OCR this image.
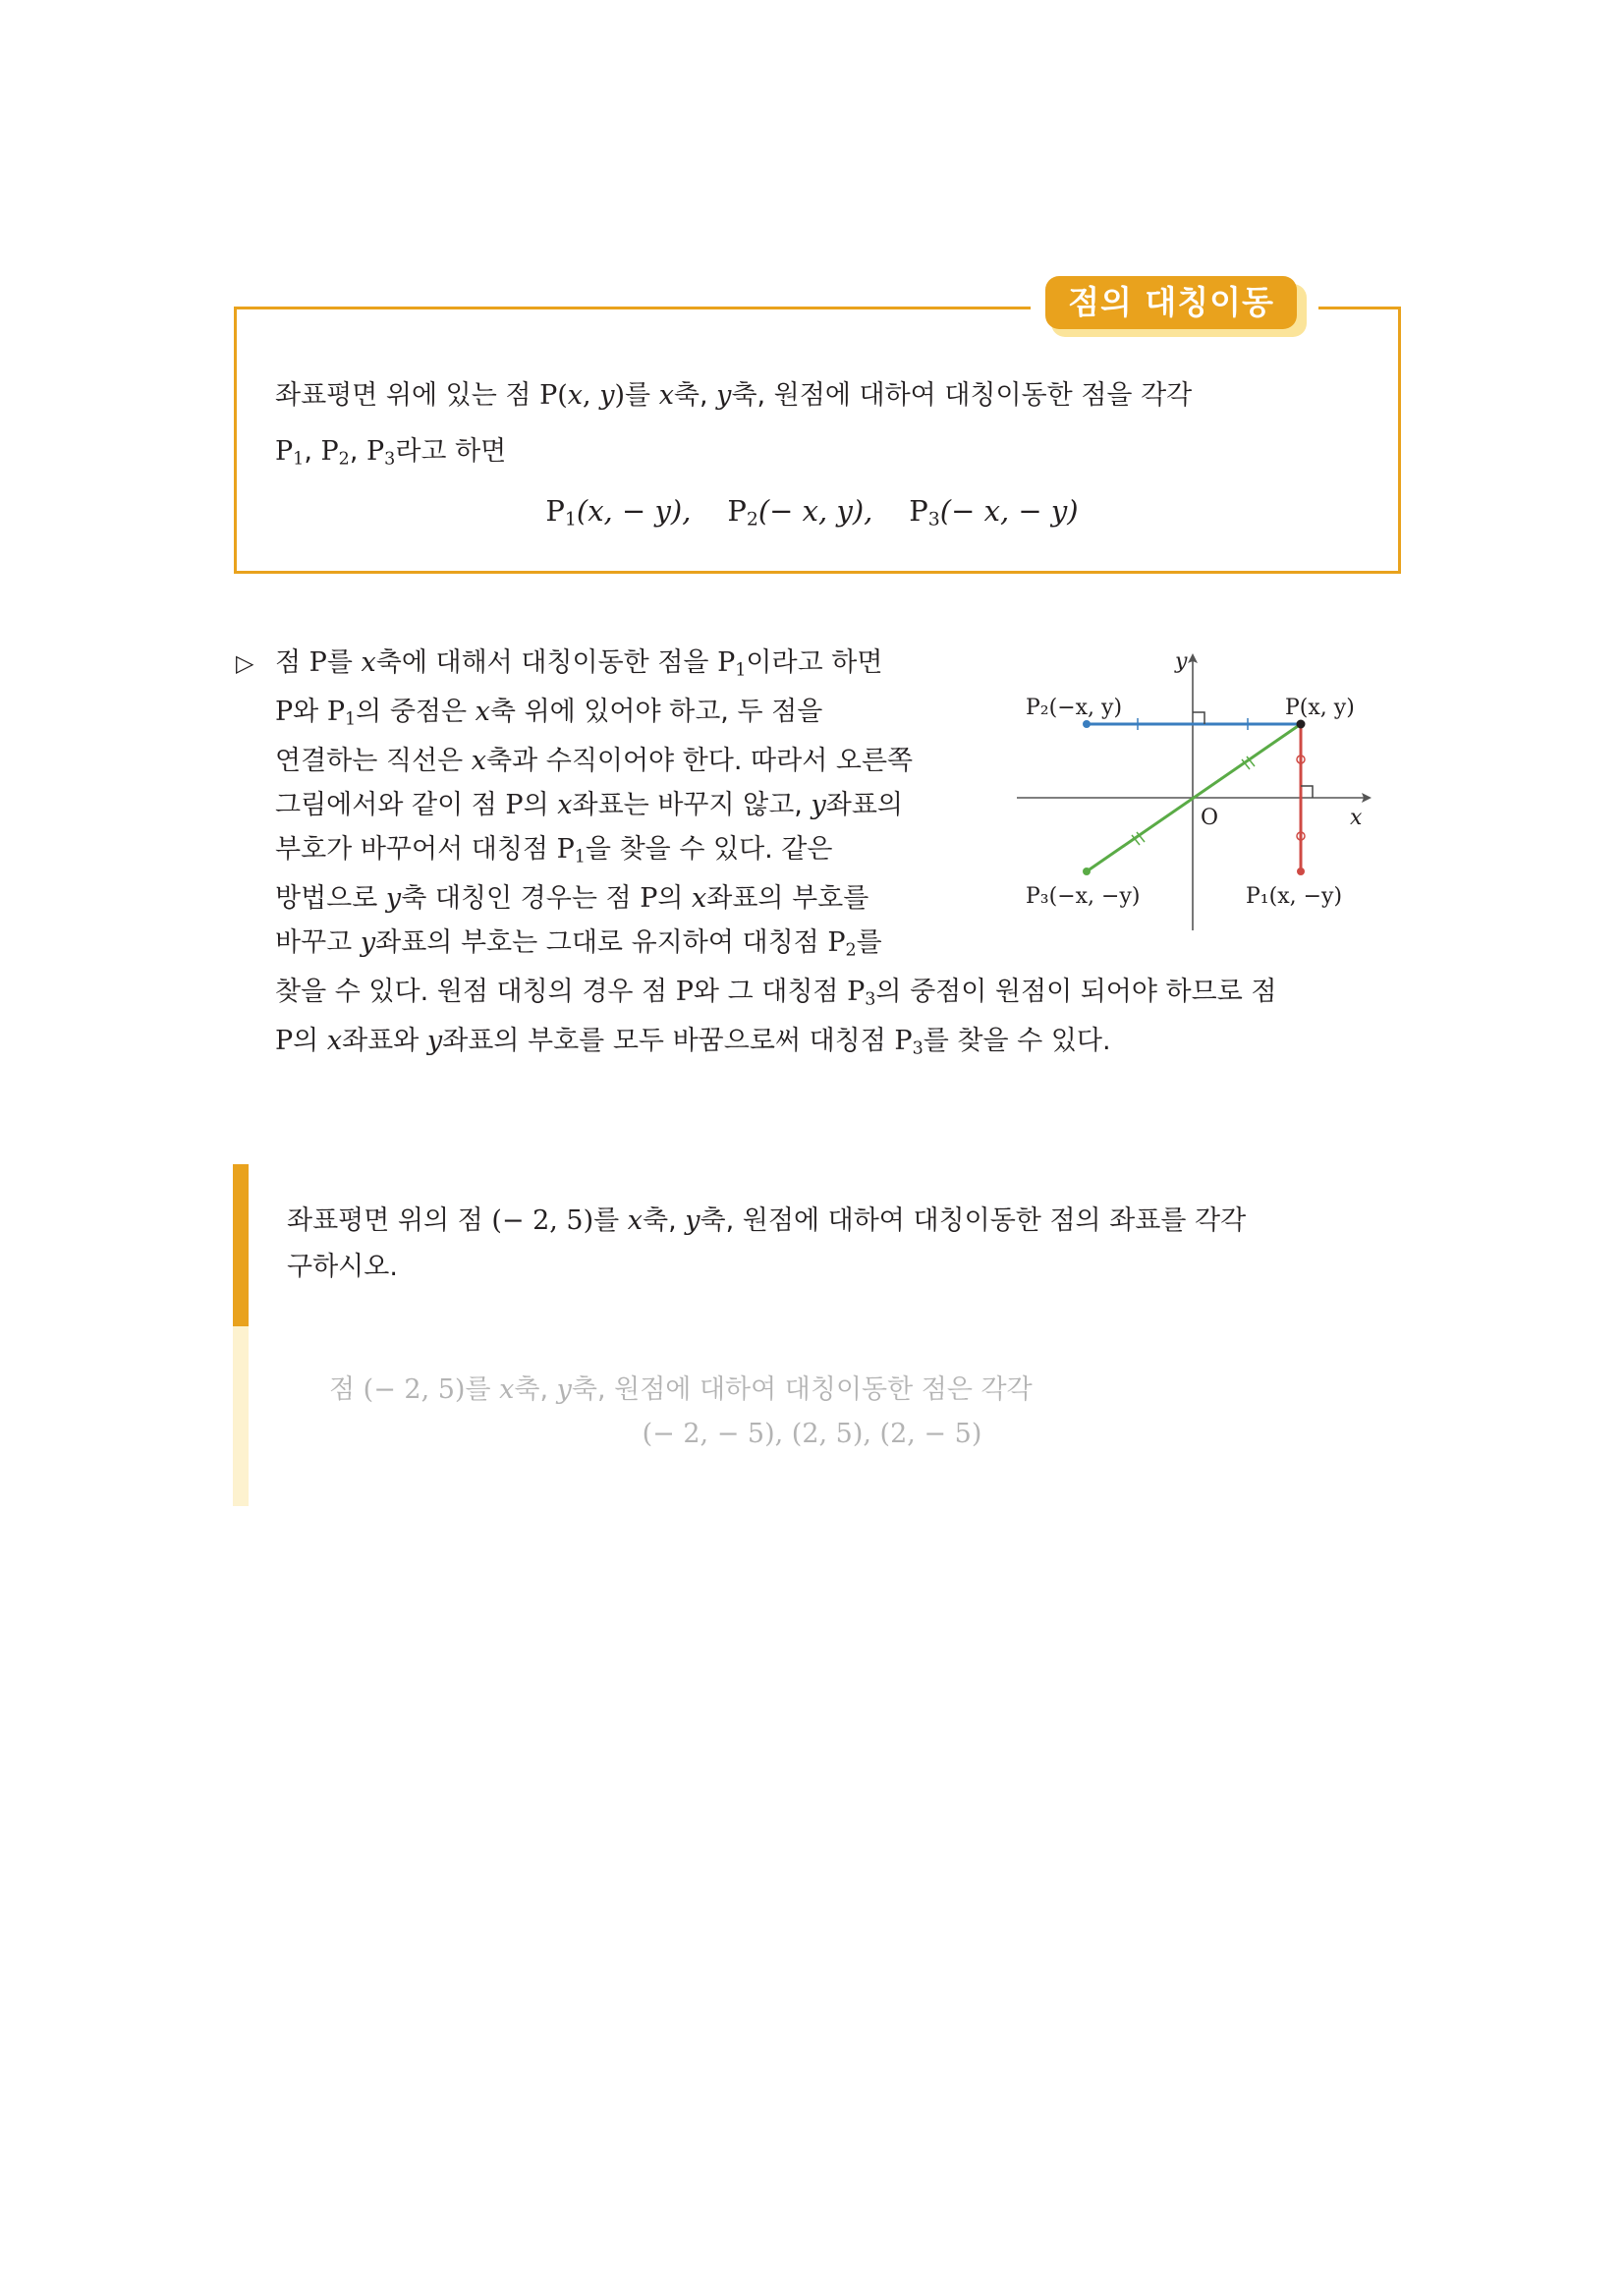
점의 대칭이동
좌표평면 위에 있는 점 P(x, y)를 x축, y축, 원점에 대하여 대칭이동한 점을 각각
$P_1$, $P_2$, $P_3$라고 하면
$P_1(x$, − y), $P_2(- x$, y), $P_3(- x$, − y)
▷ 점 P를 x축에 대해서 대칭이동한 점을 $P_1$이라고 하면
P와 $P_1$의 중점은 x축 위에 있어야 하고, 두 점을
연결하는 직선은 x축과 수직이어야 한다. 따라서 오른쪽
그림에서와 같이 점 P의 x좌표는 바꾸지 않고, y좌표의
부호가 바꾸어서 대칭점 $P_1$을 찾을 수 있다. 같은
방법으로 y축 대칭인 경우는 점 P의 x좌표의 부호를
바꾸고 y좌표의 부호는 그대로 유지하여 대칭점 $P_2$를
찾을 수 있다. 원점 대칭의 경우 점 P와 그 대칭점 $P_3$의 중점이 원점이 되어야 하므로 점
P의 x좌표와 y좌표의 부호를 모두 바꿈으로써 대칭점 $P_3$를 찾을 수 있다.
y
x
O
P₂(−x, y)	P(x, y)
P₃(−x, −y)	P₁(x, −y)
좌표평면 위의 점 (− 2, 5)를 x축, y축, 원점에 대하여 대칭이동한 점의 좌표를 각각
구하시오.
점 (− 2, 5)를 x축, y축, 원점에 대하여 대칭이동한 점은 각각
(− 2, − 5), (2, 5), (2, − 5)
